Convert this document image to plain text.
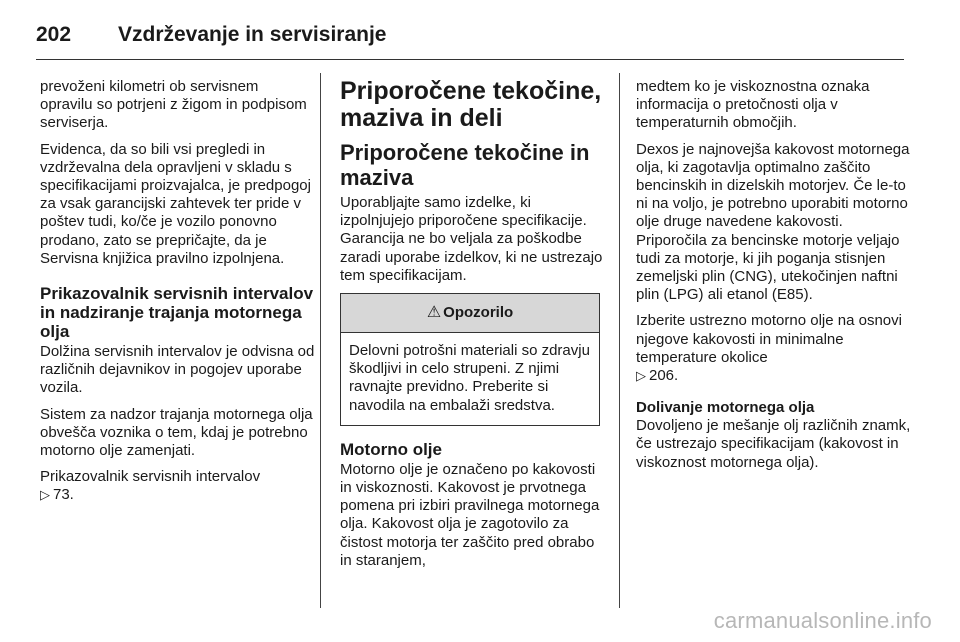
202	Vzdrževanje in servisiranje

prevoženi kilometri ob servisnem opravilu so potrjeni z žigom in podpisom serviserja.

Evidenca, da so bili vsi pregledi in vzdrževalna dela opravljeni v skladu s specifikacijami proizvajalca, je predpogoj za vsak garancijski zahtevek ter pride v poštev tudi, ko/če je vozilo ponovno prodano, zato se prepričajte, da je Servisna knjižica pravilno izpolnjena.

Prikazovalnik servisnih intervalov in nadziranje trajanja motornega olja

Dolžina servisnih intervalov je odvisna od različnih dejavnikov in pogojev uporabe vozila.

Sistem za nadzor trajanja motornega olja obvešča voznika o tem, kdaj je potrebno motorno olje zamenjati.

Prikazovalnik servisnih intervalov
▷ 73.

Priporočene tekočine, maziva in deli
Priporočene tekočine in maziva

Uporabljajte samo izdelke, ki izpolnjujejo priporočene specifikacije. Garancija ne bo veljala za poškodbe zaradi uporabe izdelkov, ki ne ustrezajo tem specifikacijam.

⚠ Opozorilo
Delovni potrošni materiali so zdravju škodljivi in celo strupeni. Z njimi ravnajte previdno. Preberite si navodila na embalaži sredstva.
Motorno olje

Motorno olje je označeno po kakovosti in viskoznosti. Kakovost je prvotnega pomena pri izbiri pravilnega motornega olja. Kakovost olja je zagotovilo za čistost motorja ter zaščito pred obrabo in staranjem,

medtem ko je viskoznostna oznaka informacija o pretočnosti olja v temperaturnih območjih.

Dexos je najnovejša kakovost motornega olja, ki zagotavlja optimalno zaščito bencinskih in dizelskih motorjev. Če le-to ni na voljo, je potrebno uporabiti motorno olje druge navedene kakovosti. Priporočila za bencinske motorje veljajo tudi za motorje, ki jih poganja stisnjen zemeljski plin (CNG), utekočinjen naftni plin (LPG) ali etanol (E85).

Izberite ustrezno motorno olje na osnovi njegove kakovosti in minimalne temperature okolice
▷ 206.

Dolivanje motornega olja

Dovoljeno je mešanje olj različnih znamk, če ustrezajo specifikacijam (kakovost in viskoznost motornega olja).

carmanualsonline.info
